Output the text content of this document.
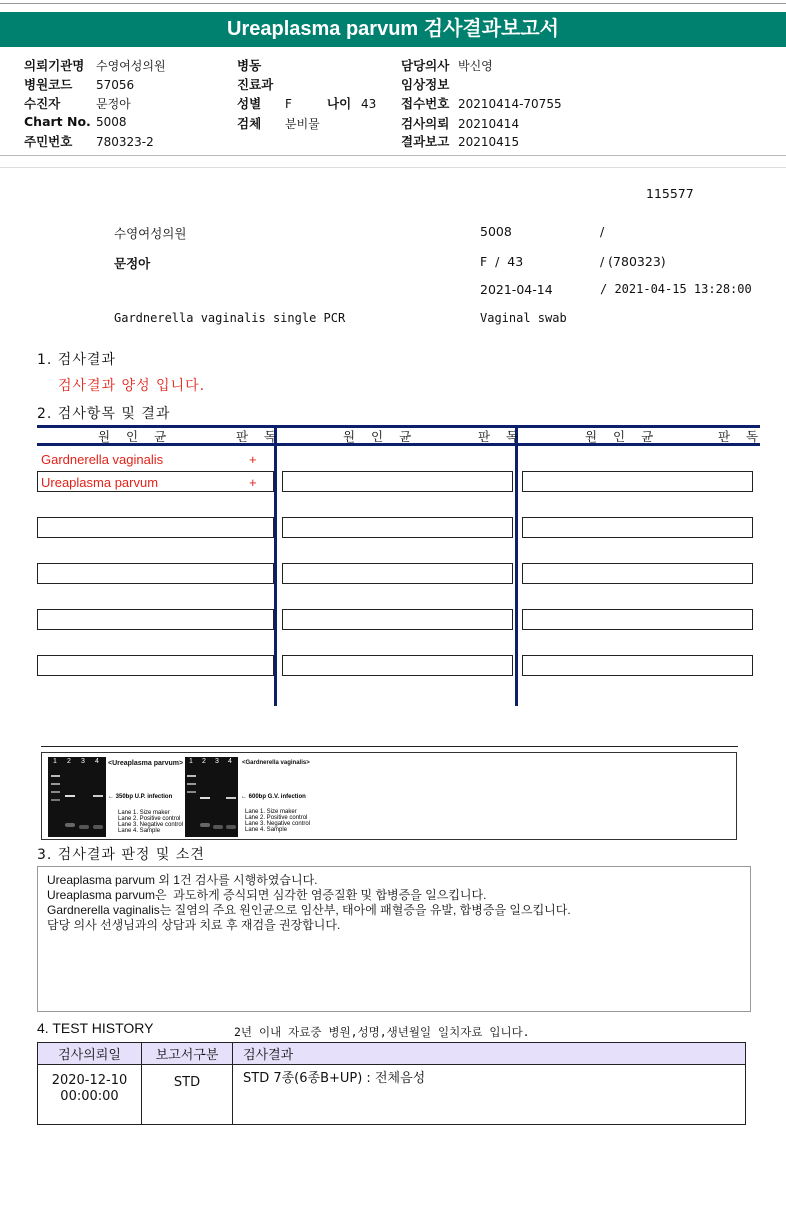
Ureaplasma parvum 검사결과보고서
의뢰기관명 수영여성의원
병원코드 57056
수진자	문정아
Chart No. 5008
주민번호 780323-2
병동
진료과
성별 F	나이 43
검체 분비물
담당의사 박신영
임상정보
접수번호 20210414-70755
검사의뢰 20210414
결과보고 20210415
115577
수영여성의원	5008	/
문정아	F  /  43	/ (780323)
2021-04-14	/ 2021-04-15 13:28:00
Gardnerella vaginalis single PCR	Vaginal swab
1. 검사결과
검사결과 양성 입니다.
2. 검사항목 및 결과
원 인 균	판 독	원 인 균	판 독	원 인 균	판 독
Gardnerella vaginalis	+
Ureaplasma parvum	+
1 2 3 4 <Ureaplasma parvum>
← 350bp U.P. infection
Lane 1. Size maker
Lane 2. Positive control
Lane 3. Negative control
Lane 4. Sample
1 2 3 4 <Gardnerella vaginalis>
← 600bp G.V. infection
Lane 1. Size maker
Lane 2. Positive control
Lane 3. Negative control
Lane 4. Sample
3. 검사결과 판정 및 소견
Ureaplasma parvum 외 1건 검사를 시행하였습니다.
Ureaplasma parvum은  과도하게 증식되면 심각한 염증질환 및 합병증을 일으킵니다.
Gardnerella vaginalis는 질염의 주요 원인균으로 임산부, 태아에 패혈증을 유발, 합병증을 일으킵니다.
담당 의사 선생님과의 상담과 치료 후 재검을 권장합니다.
4. TEST HISTORY	2년 이내 자료중 병원,성명,생년월일 일치자료 입니다.
검사의뢰일	보고서구분	검사결과

2020-12-10
00:00:00	STD	STD 7종(6종B+UP) : 전체음성
